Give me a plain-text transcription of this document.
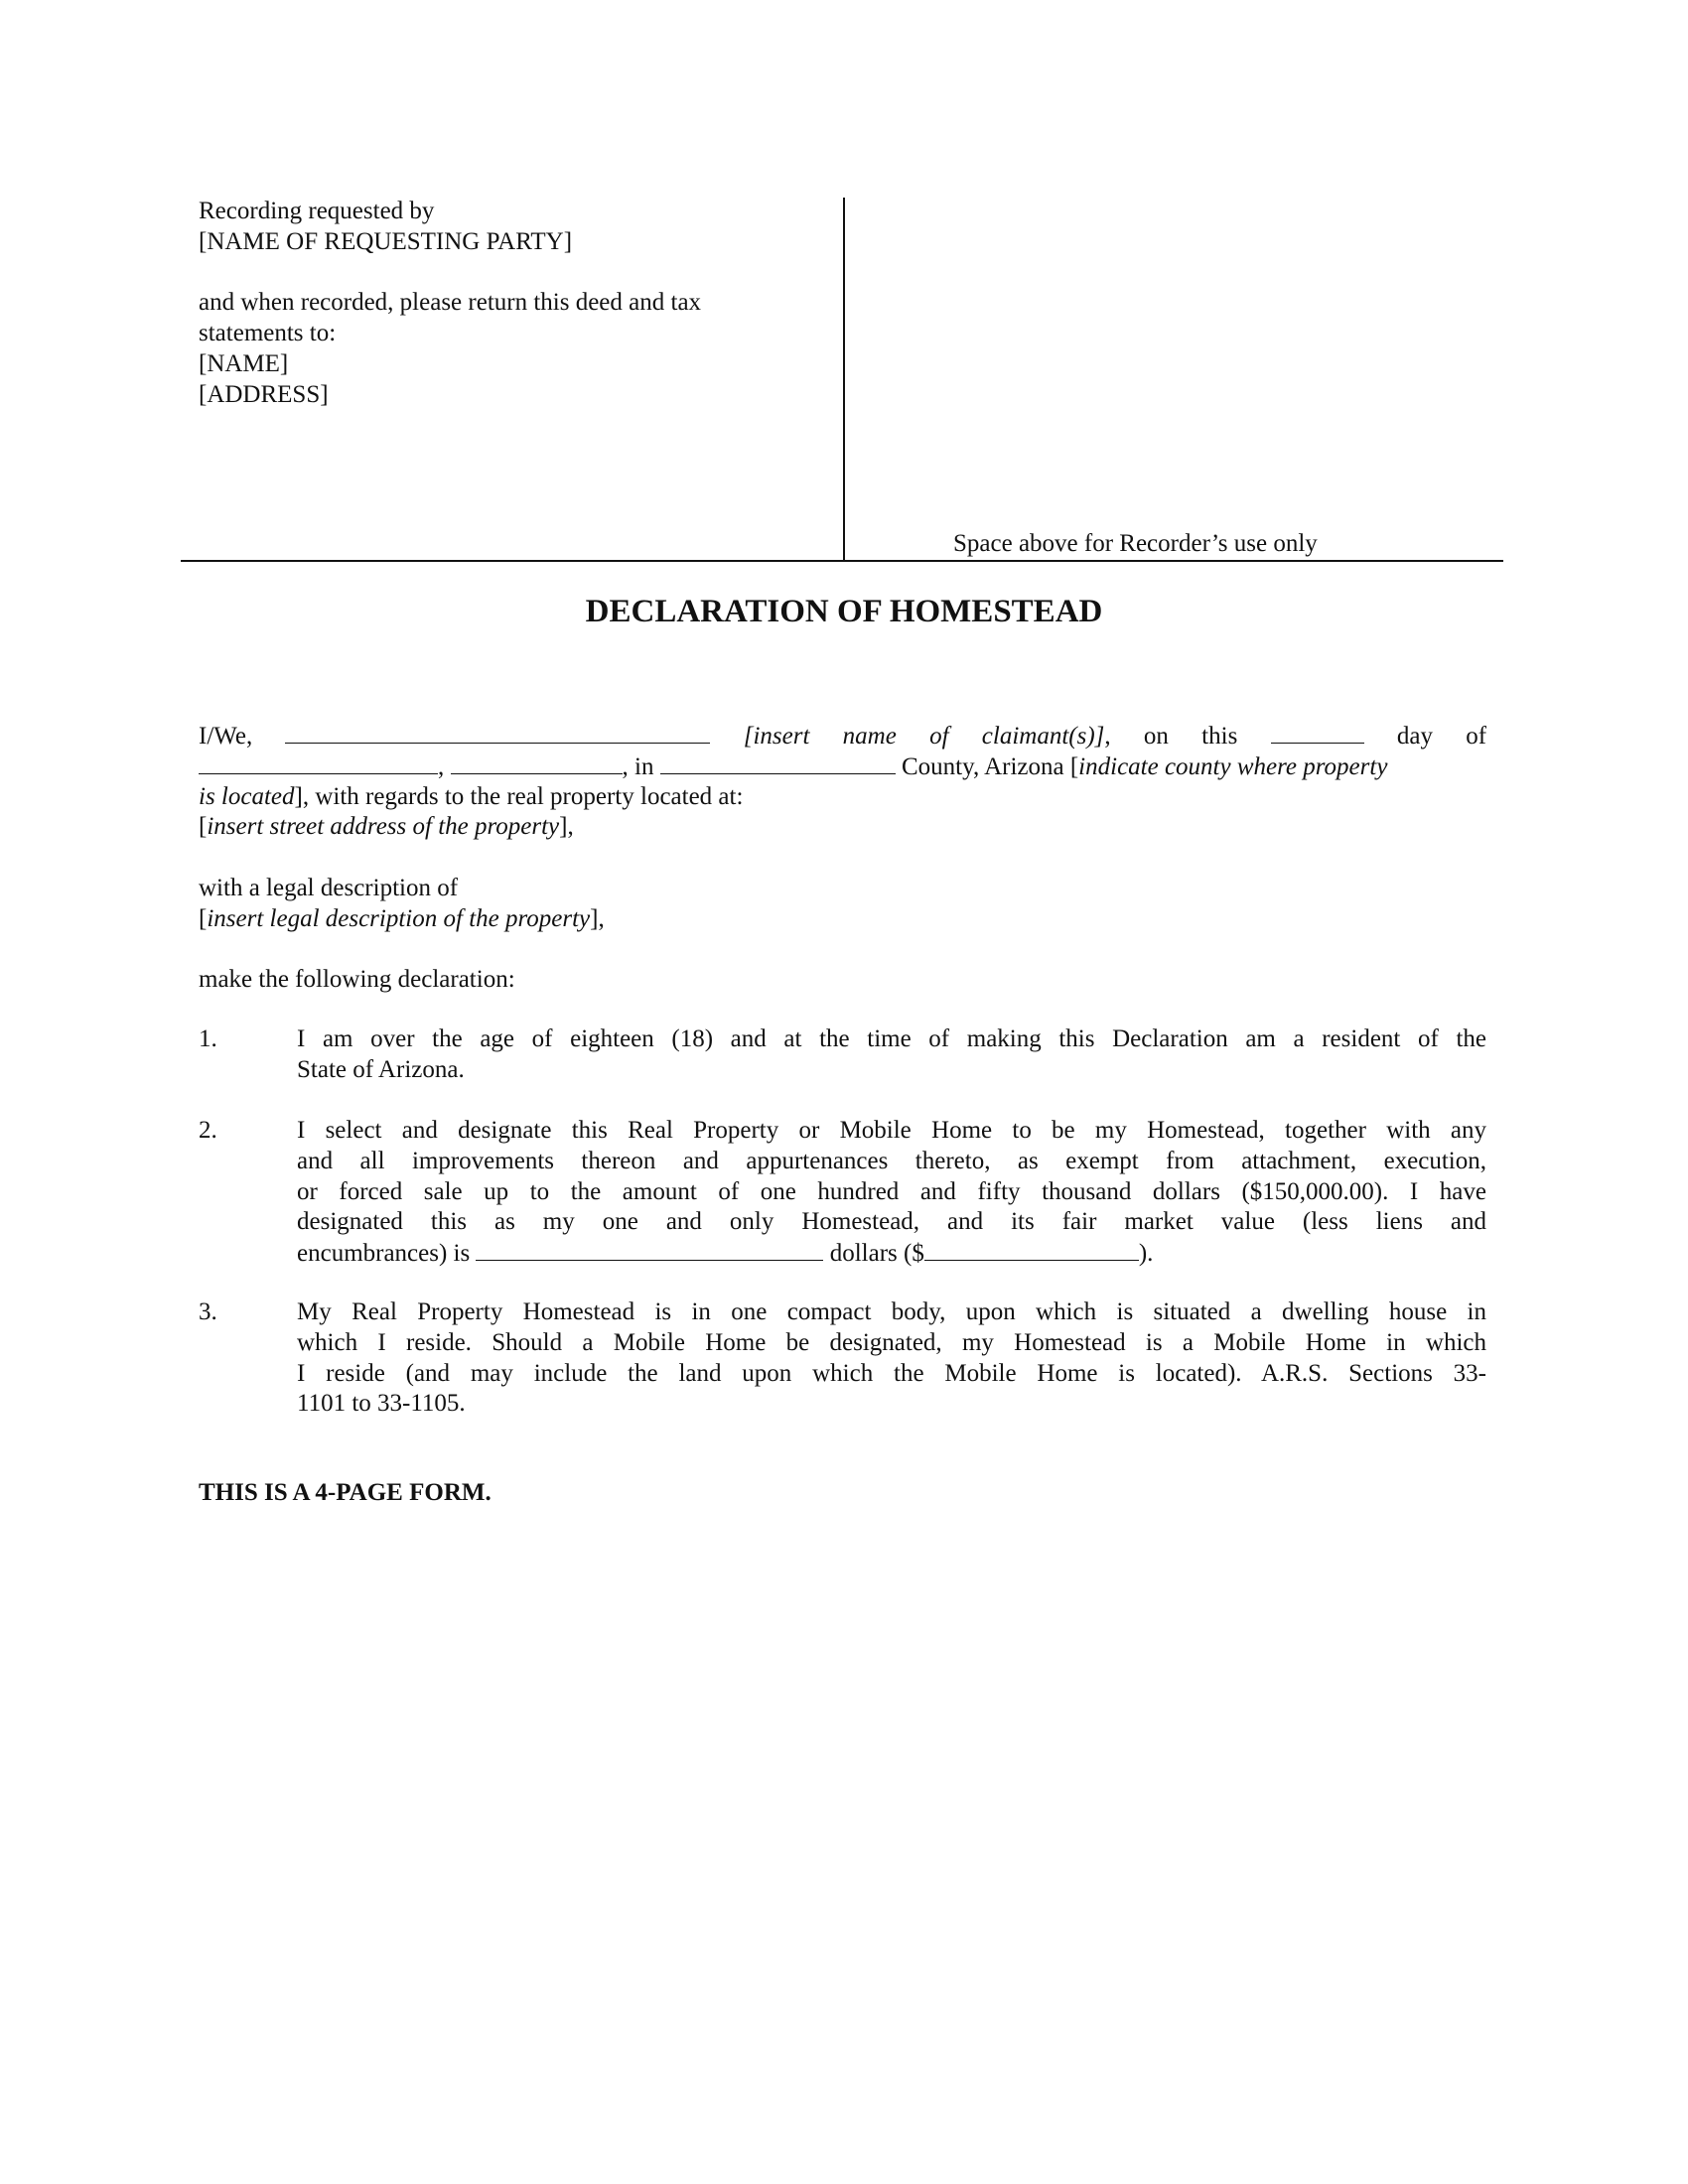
Recording requested by
[NAME OF REQUESTING PARTY]
and when recorded, please return this deed and tax
statements to:
[NAME]
[ADDRESS]
Space above for Recorder’s use only
DECLARATION OF HOMESTEAD
I/We,	[insert name of claimant(s)], on this	day of
,	, in	County, Arizona [indicate county where property
is located], with regards to the real property located at:
[insert street address of the property],
with a legal description of
[insert legal description of the property],
make the following declaration:
1.	I am over the age of eighteen (18) and at the time of making this Declaration am a resident of the
State of Arizona.
2.	I select and designate this Real Property or Mobile Home to be my Homestead, together with any
and all improvements thereon and appurtenances thereto, as exempt from attachment, execution,
or forced sale up to the amount of one hundred and fifty thousand dollars ($150,000.00). I have
designated this as my one and only Homestead, and its fair market value (less liens and
encumbrances) is	dollars ($	).
3.	My Real Property Homestead is in one compact body, upon which is situated a dwelling house in
which I reside. Should a Mobile Home be designated, my Homestead is a Mobile Home in which
I reside (and may include the land upon which the Mobile Home is located). A.R.S. Sections 33-
1101 to 33-1105.
THIS IS A 4-PAGE FORM.
